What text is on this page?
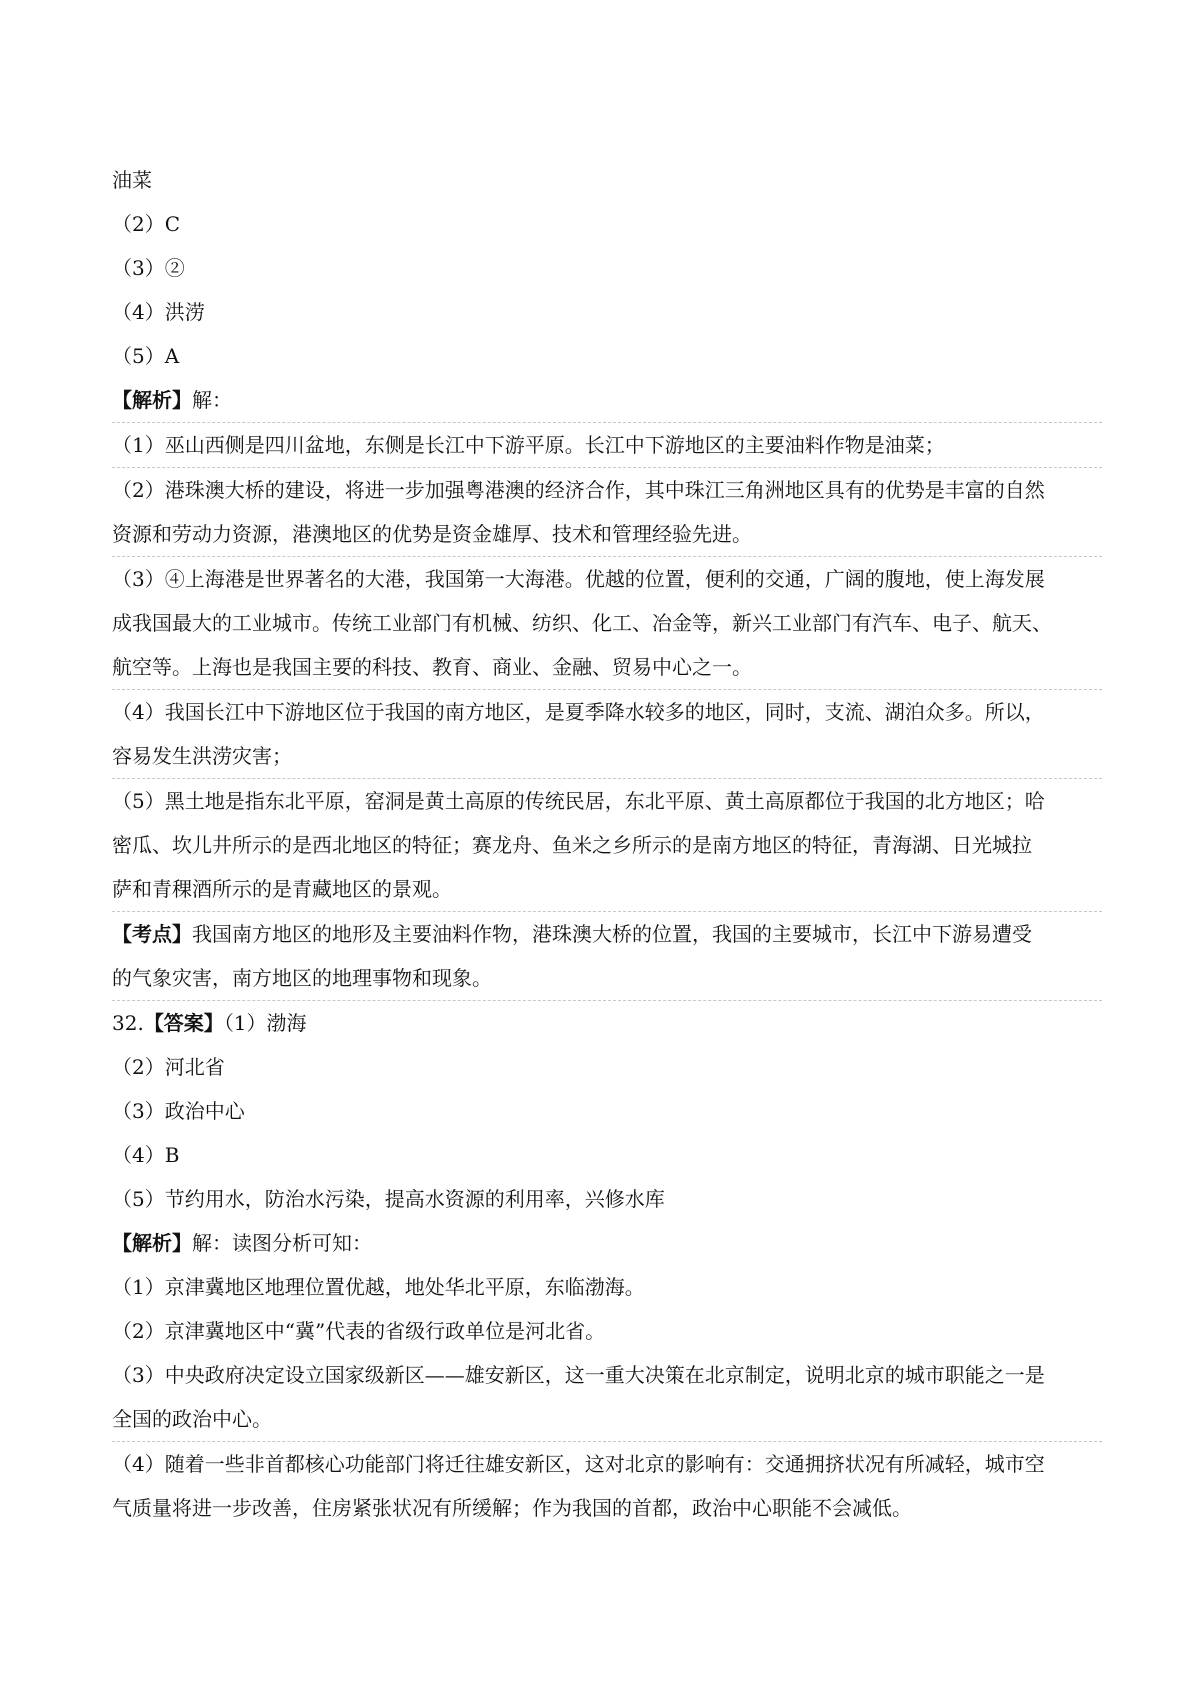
油菜
（2）C
（3）②
（4）洪涝
（5）A
【解析】解：
（1）巫山西侧是四川盆地，东侧是长江中下游平原。长江中下游地区的主要油料作物是油菜；
（2）港珠澳大桥的建设，将进一步加强粤港澳的经济合作，其中珠江三角洲地区具有的优势是丰富的自然
资源和劳动力资源，港澳地区的优势是资金雄厚、技术和管理经验先进。
（3）④上海港是世界著名的大港，我国第一大海港。优越的位置，便利的交通，广阔的腹地，使上海发展
成我国最大的工业城市。传统工业部门有机械、纺织、化工、冶金等，新兴工业部门有汽车、电子、航天、
航空等。上海也是我国主要的科技、教育、商业、金融、贸易中心之一。
（4）我国长江中下游地区位于我国的南方地区，是夏季降水较多的地区，同时，支流、湖泊众多。所以，
容易发生洪涝灾害；
（5）黑土地是指东北平原，窑洞是黄土高原的传统民居，东北平原、黄土高原都位于我国的北方地区；哈
密瓜、坎儿井所示的是西北地区的特征；赛龙舟、鱼米之乡所示的是南方地区的特征，青海湖、日光城拉
萨和青稞酒所示的是青藏地区的景观。
【考点】我国南方地区的地形及主要油料作物，港珠澳大桥的位置，我国的主要城市，长江中下游易遭受
的气象灾害，南方地区的地理事物和现象。
32.【答案】（1）渤海
（2）河北省
（3）政治中心
（4）B
（5）节约用水，防治水污染，提高水资源的利用率，兴修水库
【解析】解：读图分析可知：
（1）京津冀地区地理位置优越，地处华北平原，东临渤海。
（2）京津冀地区中“冀”代表的省级行政单位是河北省。
（3）中央政府决定设立国家级新区——雄安新区，这一重大决策在北京制定，说明北京的城市职能之一是
全国的政治中心。
（4）随着一些非首都核心功能部门将迁往雄安新区，这对北京的影响有：交通拥挤状况有所减轻，城市空
气质量将进一步改善，住房紧张状况有所缓解；作为我国的首都，政治中心职能不会减低。
